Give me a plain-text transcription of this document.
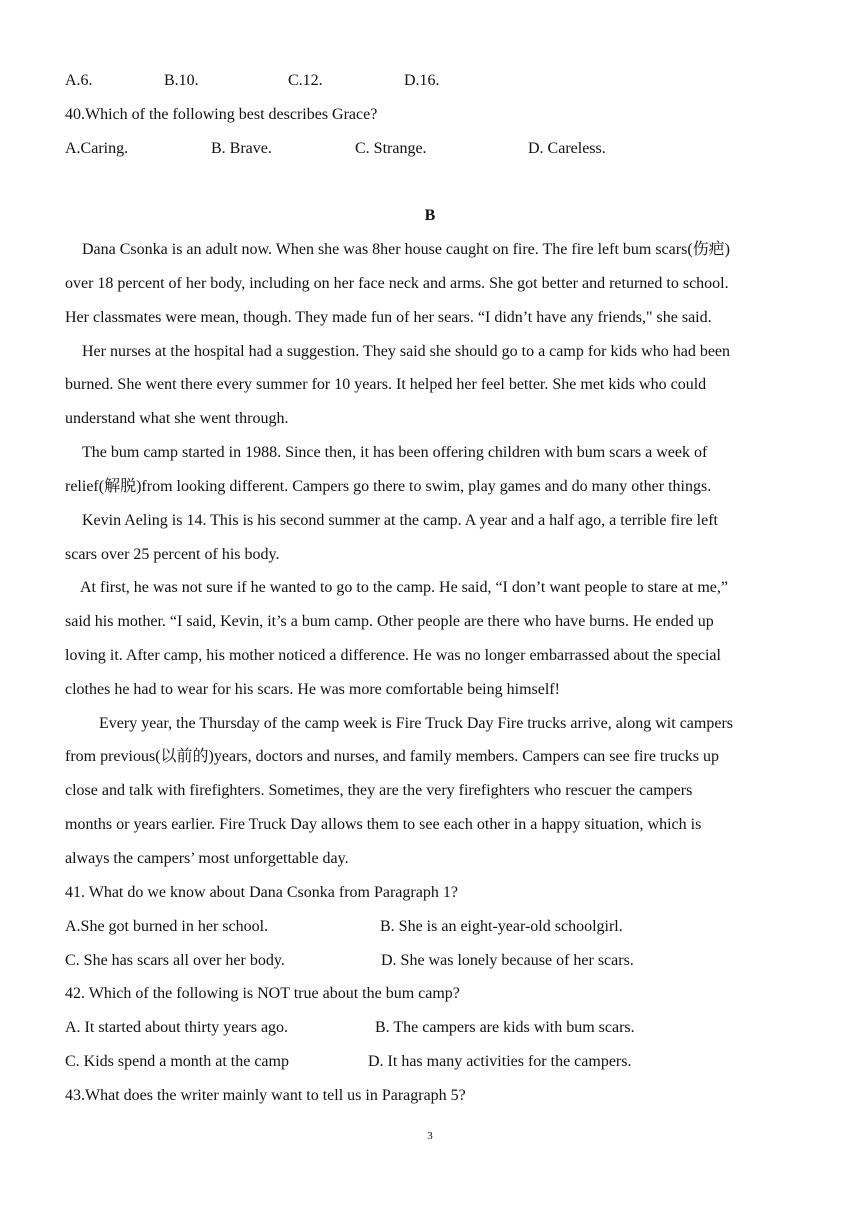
A.6.	B.10.	C.12.	D.16.
40.Which of the following best describes Grace?
A.Caring.	B. Brave.	C. Strange.	D. Careless.
B
Dana Csonka is an adult now. When she was 8her house caught on fire. The fire left bum scars(伤疤)
over 18 percent of her body, including on her face neck and arms. She got better and returned to school.
Her classmates were mean, though. They made fun of her sears. “I didn’t have any friends," she said.
Her nurses at the hospital had a suggestion. They said she should go to a camp for kids who had been
burned. She went there every summer for 10 years. It helped her feel better. She met kids who could
understand what she went through.
The bum camp started in 1988. Since then, it has been offering children with bum scars a week of
relief(解脱)from looking different. Campers go there to swim, play games and do many other things.
Kevin Aeling is 14. This is his second summer at the camp. A year and a half ago, a terrible fire left
scars over 25 percent of his body.
At first, he was not sure if he wanted to go to the camp. He said, “I don’t want people to stare at me,”
said his mother. “I said, Kevin, it’s a bum camp. Other people are there who have burns. He ended up
loving it. After camp, his mother noticed a difference. He was no longer embarrassed about the special
clothes he had to wear for his scars. He was more comfortable being himself!
Every year, the Thursday of the camp week is Fire Truck Day Fire trucks arrive, along wit campers
from previous(以前的)years, doctors and nurses, and family members. Campers can see fire trucks up
close and talk with firefighters. Sometimes, they are the very firefighters who rescuer the campers
months or years earlier. Fire Truck Day allows them to see each other in a happy situation, which is
always the campers’ most unforgettable day.
41. What do we know about Dana Csonka from Paragraph 1?
A.She got burned in her school.	B. She is an eight-year-old schoolgirl.
C. She has scars all over her body.	D. She was lonely because of her scars.
42. Which of the following is NOT true about the bum camp?
A. It started about thirty years ago.	B. The campers are kids with bum scars.
C. Kids spend a month at the camp	D. It has many activities for the campers.
43.What does the writer mainly want to tell us in Paragraph 5?
3
